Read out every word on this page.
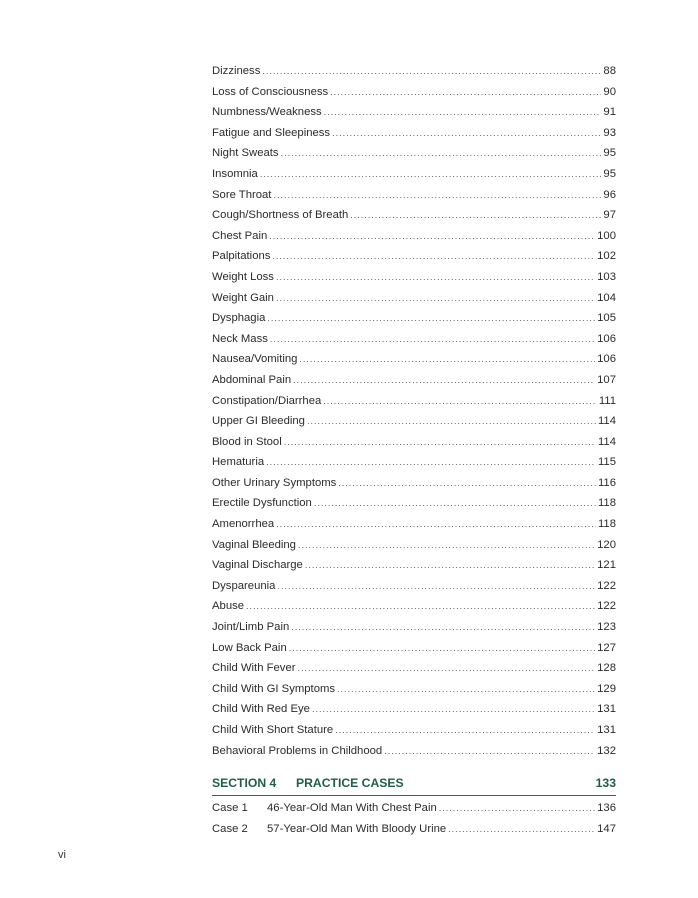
Dizziness .....	88
Loss of Consciousness .....	90
Numbness/Weakness .....	91
Fatigue and Sleepiness .....	93
Night Sweats .....	95
Insomnia .....	95
Sore Throat .....	96
Cough/Shortness of Breath .....	97
Chest Pain .....	100
Palpitations .....	102
Weight Loss .....	103
Weight Gain .....	104
Dysphagia .....	105
Neck Mass .....	106
Nausea/Vomiting .....	106
Abdominal Pain .....	107
Constipation/Diarrhea .....	111
Upper GI Bleeding .....	114
Blood in Stool .....	114
Hematuria .....	115
Other Urinary Symptoms .....	116
Erectile Dysfunction .....	118
Amenorrhea .....	118
Vaginal Bleeding .....	120
Vaginal Discharge .....	121
Dyspareunia .....	122
Abuse .....	122
Joint/Limb Pain .....	123
Low Back Pain .....	127
Child With Fever .....	128
Child With GI Symptoms .....	129
Child With Red Eye .....	131
Child With Short Stature .....	131
Behavioral Problems in Childhood .....	132
SECTION 4	PRACTICE CASES	133
Case 1	46-Year-Old Man With Chest Pain .....	136
Case 2	57-Year-Old Man With Bloody Urine .....	147
vi
